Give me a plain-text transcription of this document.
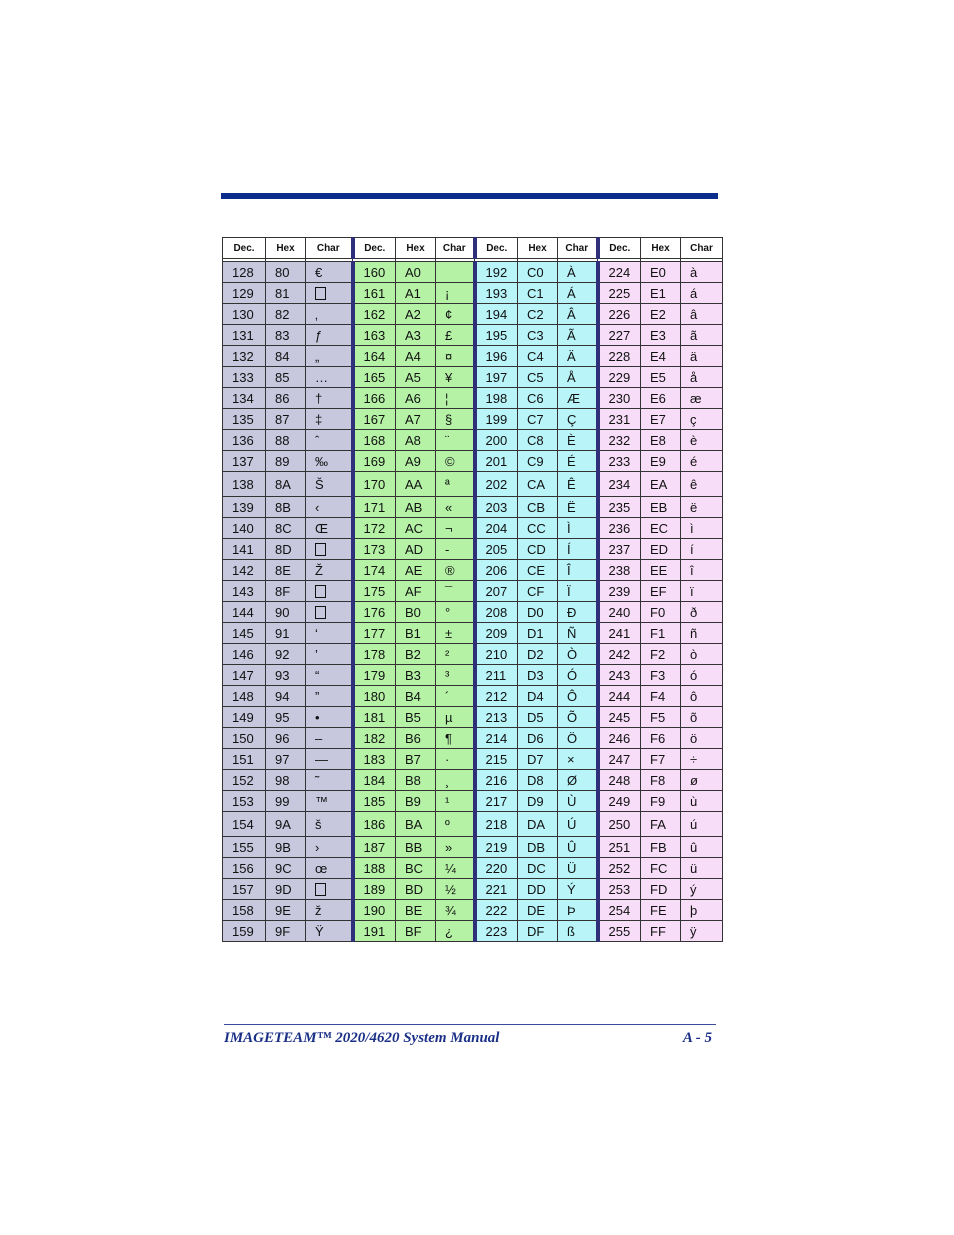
Dec.	Hex	Char	Dec.	Hex	Char	Dec.	Hex	Char	Dec.	Hex	Char

128	80	€	160	A0		192	C0	À	224	E0	à
129	81		161	A1	¡	193	C1	Á	225	E1	á
130	82	‚	162	A2	¢	194	C2	Â	226	E2	â
131	83	ƒ	163	A3	£	195	C3	Ã	227	E3	ã
132	84	„	164	A4	¤	196	C4	Ä	228	E4	ä
133	85	…	165	A5	¥	197	C5	Å	229	E5	å
134	86	†	166	A6	¦	198	C6	Æ	230	E6	æ
135	87	‡	167	A7	§	199	C7	Ç	231	E7	ç
136	88	ˆ	168	A8	¨	200	C8	È	232	E8	è
137	89	‰	169	A9	©	201	C9	É	233	E9	é
138	8A	Š	170	AA	ª	202	CA	Ê	234	EA	ê
139	8B	‹	171	AB	«	203	CB	Ë	235	EB	ë
140	8C	Œ	172	AC	¬	204	CC	Ì	236	EC	ì
141	8D		173	AD	-	205	CD	Í	237	ED	í
142	8E	Ž	174	AE	®	206	CE	Î	238	EE	î
143	8F		175	AF	¯	207	CF	Ï	239	EF	ï
144	90		176	B0	°	208	D0	Ð	240	F0	ð
145	91	‘	177	B1	±	209	D1	Ñ	241	F1	ñ
146	92	’	178	B2	²	210	D2	Ò	242	F2	ò
147	93	“	179	B3	³	211	D3	Ó	243	F3	ó
148	94	”	180	B4	´	212	D4	Ô	244	F4	ô
149	95	•	181	B5	µ	213	D5	Õ	245	F5	õ
150	96	–	182	B6	¶	214	D6	Ö	246	F6	ö
151	97	—	183	B7	·	215	D7	×	247	F7	÷
152	98	˜	184	B8	¸	216	D8	Ø	248	F8	ø
153	99	™	185	B9	¹	217	D9	Ù	249	F9	ù
154	9A	š	186	BA	º	218	DA	Ú	250	FA	ú
155	9B	›	187	BB	»	219	DB	Û	251	FB	û
156	9C	œ	188	BC	¼	220	DC	Ü	252	FC	ü
157	9D		189	BD	½	221	DD	Ý	253	FD	ý
158	9E	ž	190	BE	¾	222	DE	Þ	254	FE	þ
159	9F	Ÿ	191	BF	¿	223	DF	ß	255	FF	ÿ
IMAGETEAM™ 2020/4620 System Manual	A - 5
